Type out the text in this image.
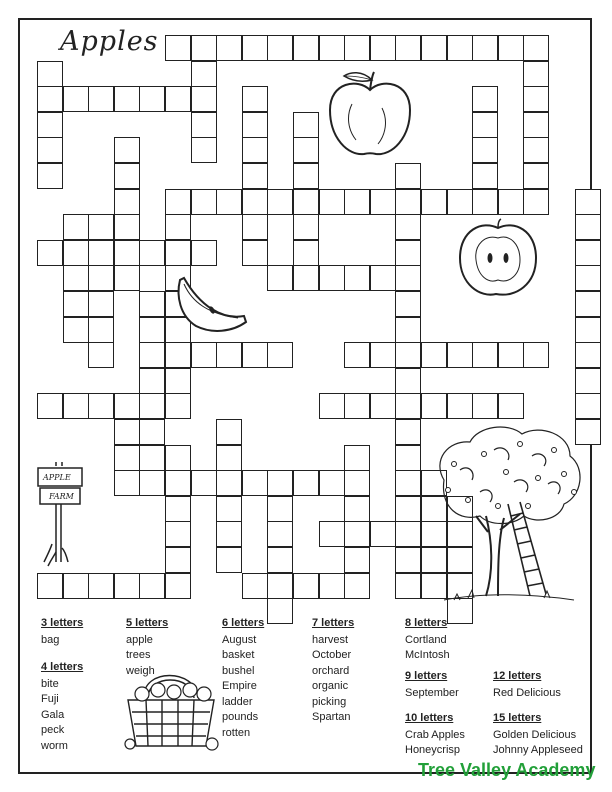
Apples
APPLE
FARM
3 letters
bag
4 letters
bite
Fuji
Gala
peck
worm
5 letters
apple
trees
weigh
6 letters
August
basket
bushel
Empire
ladder
pounds
rotten
7 letters
harvest
October
orchard
organic
picking
Spartan
8 letters
Cortland
McIntosh
9 letters
September
10 letters
Crab Apples
Honeycrisp
12 letters
Red Delicious
15 letters
Golden Delicious
Johnny Appleseed
Tree Valley Academy
